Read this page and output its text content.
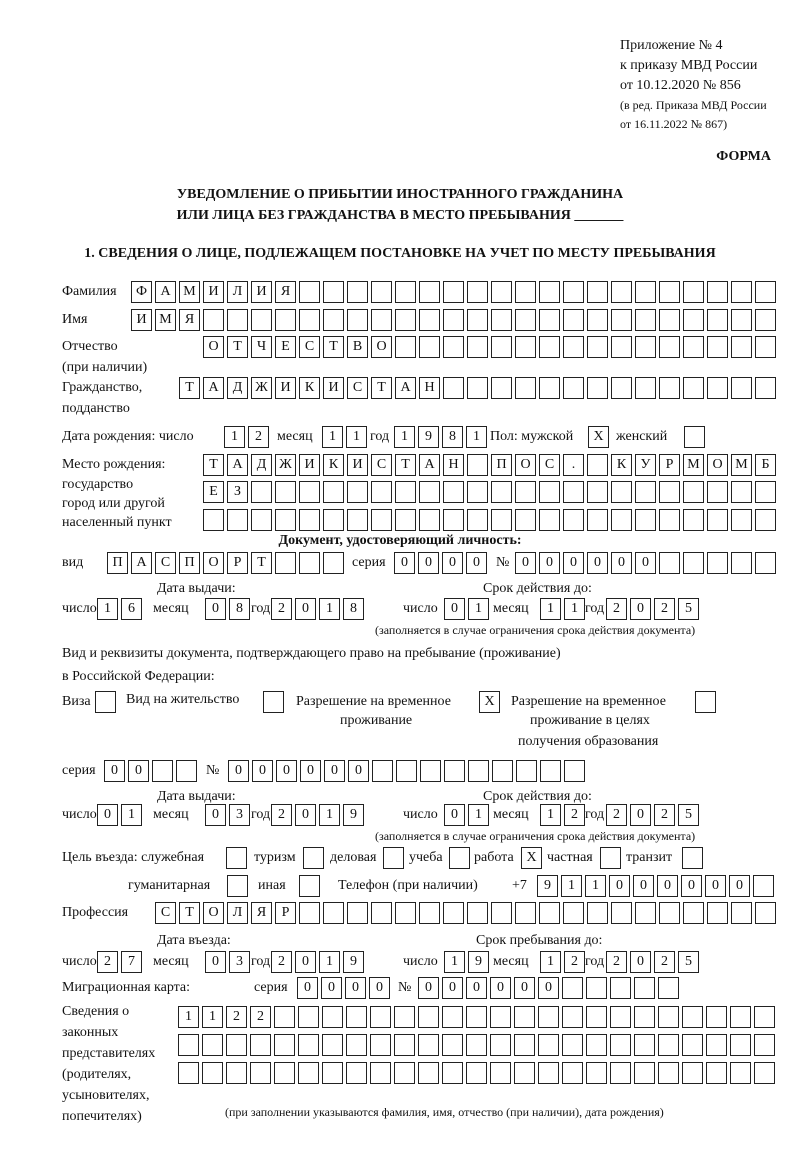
Приложение № 4
к приказу МВД России
от 10.12.2020 № 856
(в ред. Приказа МВД России
от 16.11.2022 № 867)
ФОРМА
УВЕДОМЛЕНИЕ О ПРИБЫТИИ ИНОСТРАННОГО ГРАЖДАНИНА
ИЛИ ЛИЦА БЕЗ ГРАЖДАНСТВА В МЕСТО ПРЕБЫВАНИЯ _______
1. СВЕДЕНИЯ О ЛИЦЕ, ПОДЛЕЖАЩЕМ ПОСТАНОВКЕ НА УЧЕТ ПО МЕСТУ ПРЕБЫВАНИЯ
Фамилия	Ф А М И	Л	И	Я
Имя	И М Я
Отчество
(при наличии)
О	Т	Ч	Е	С	Т	В	О
Гражданство,
подданство
Т	А	Д Ж И	К	И	С	Т	А Н
Дата рождения: число	1	2	месяц	1	1 год 1	9	8	1 Пол: мужской	X женский
Место рождения:
государство
город или другой
населенный пункт
Т	А	Д Ж И	К	И	С	Т	А Н	П О	С	.	К	У	Р М О М Б
Е	З
Документ, удостоверяющий личность:
вид	П А	С	П О	Р	Т	серия	0	0	0	0	№ 0	0	0	0	0	0
Дата выдачи:	Срок действия до:
число 1	6	месяц	0	8 год 2	0	1	8	число 0	1 месяц	1	1 год 2	0	2	5
(заполняется в случае ограничения срока действия документа)
Вид и реквизиты документа, подтверждающего право на пребывание (проживание)
в Российской Федерации:
Виза	Вид на жительство	Разрешение на временное
проживание
X	Разрешение на временное
проживание в целях
получения образования
серия	0	0	№	0	0	0	0	0	0
Дата выдачи:	Срок действия до:
число 0	1	месяц	0	3 год 2	0	1	9	число 0	1 месяц	1	2 год 2	0	2	5
(заполняется в случае ограничения срока действия документа)
Цель въезда: служебная	туризм деловая учеба работа X частная транзит
гуманитарная	иная	Телефон (при наличии) +7	9	1	1	0	0	0	0	0	0
Профессия	С	Т	О	Л	Я	Р
Дата въезда:	Срок пребывания до:
число 2	7	месяц	0	3 год 2	0	1	9	число 1	9 месяц	1	2 год 2	0	2	5
Миграционная карта:	серия	0	0	0	0	№ 0	0	0	0	0	0
Сведения о
законных
представителях
(родителях,
усыновителях,
попечителях)
1	1	2	2
(при заполнении указываются фамилия, имя, отчество (при наличии), дата рождения)
